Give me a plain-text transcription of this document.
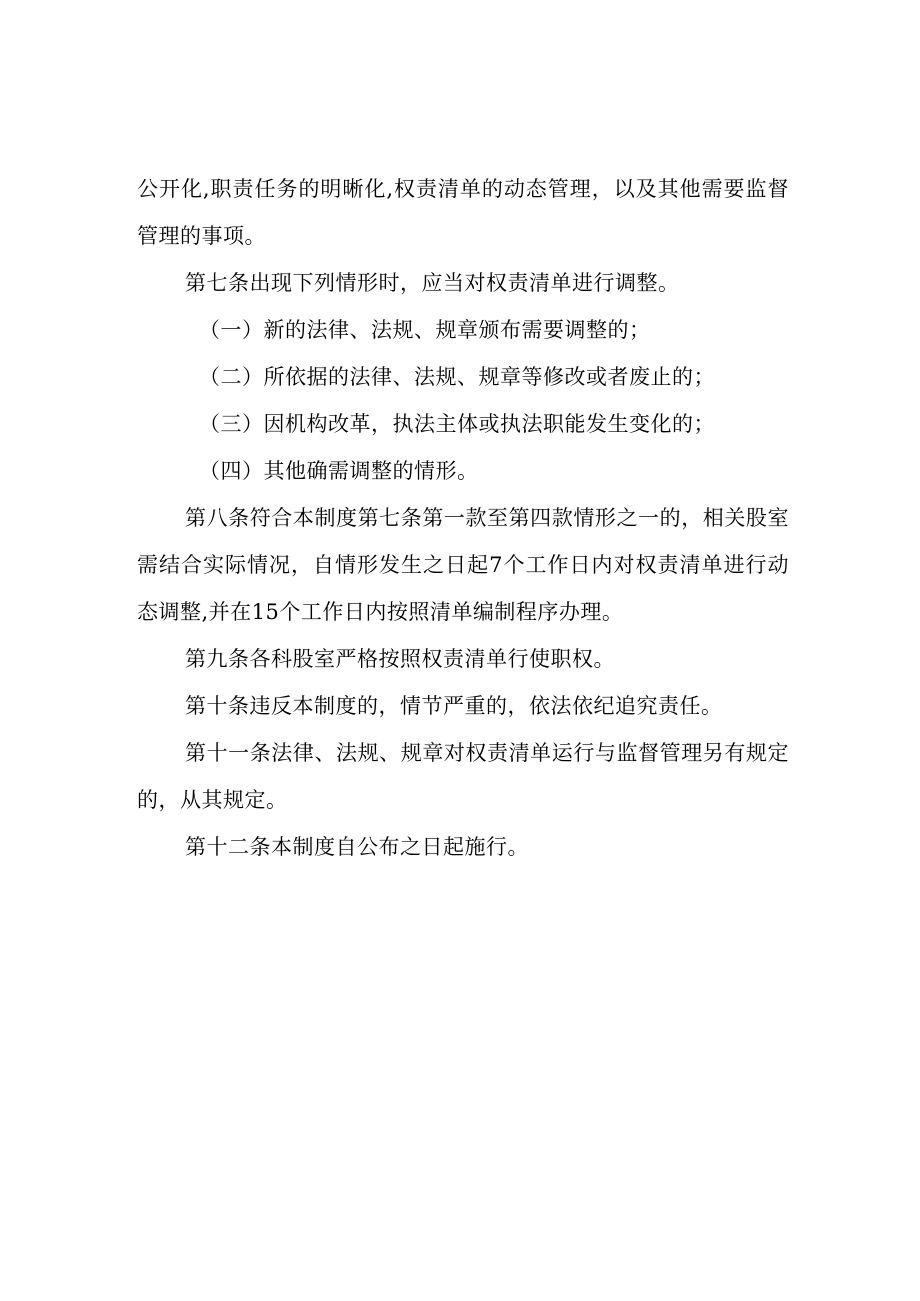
公开化,职责任务的明晰化,权责清单的动态管理，以及其他需要监督管理的事项。

第七条出现下列情形时，应当对权责清单进行调整。

（一）新的法律、法规、规章颁布需要调整的；

（二）所依据的法律、法规、规章等修改或者废止的；

（三）因机构改革，执法主体或执法职能发生变化的；

（四）其他确需调整的情形。

第八条符合本制度第七条第一款至第四款情形之一的，相关股室需结合实际情况，自情形发生之日起7个工作日内对权责清单进行动态调整,并在15个工作日内按照清单编制程序办理。

第九条各科股室严格按照权责清单行使职权。

第十条违反本制度的，情节严重的，依法依纪追究责任。

第十一条法律、法规、规章对权责清单运行与监督管理另有规定的，从其规定。

第十二条本制度自公布之日起施行。
